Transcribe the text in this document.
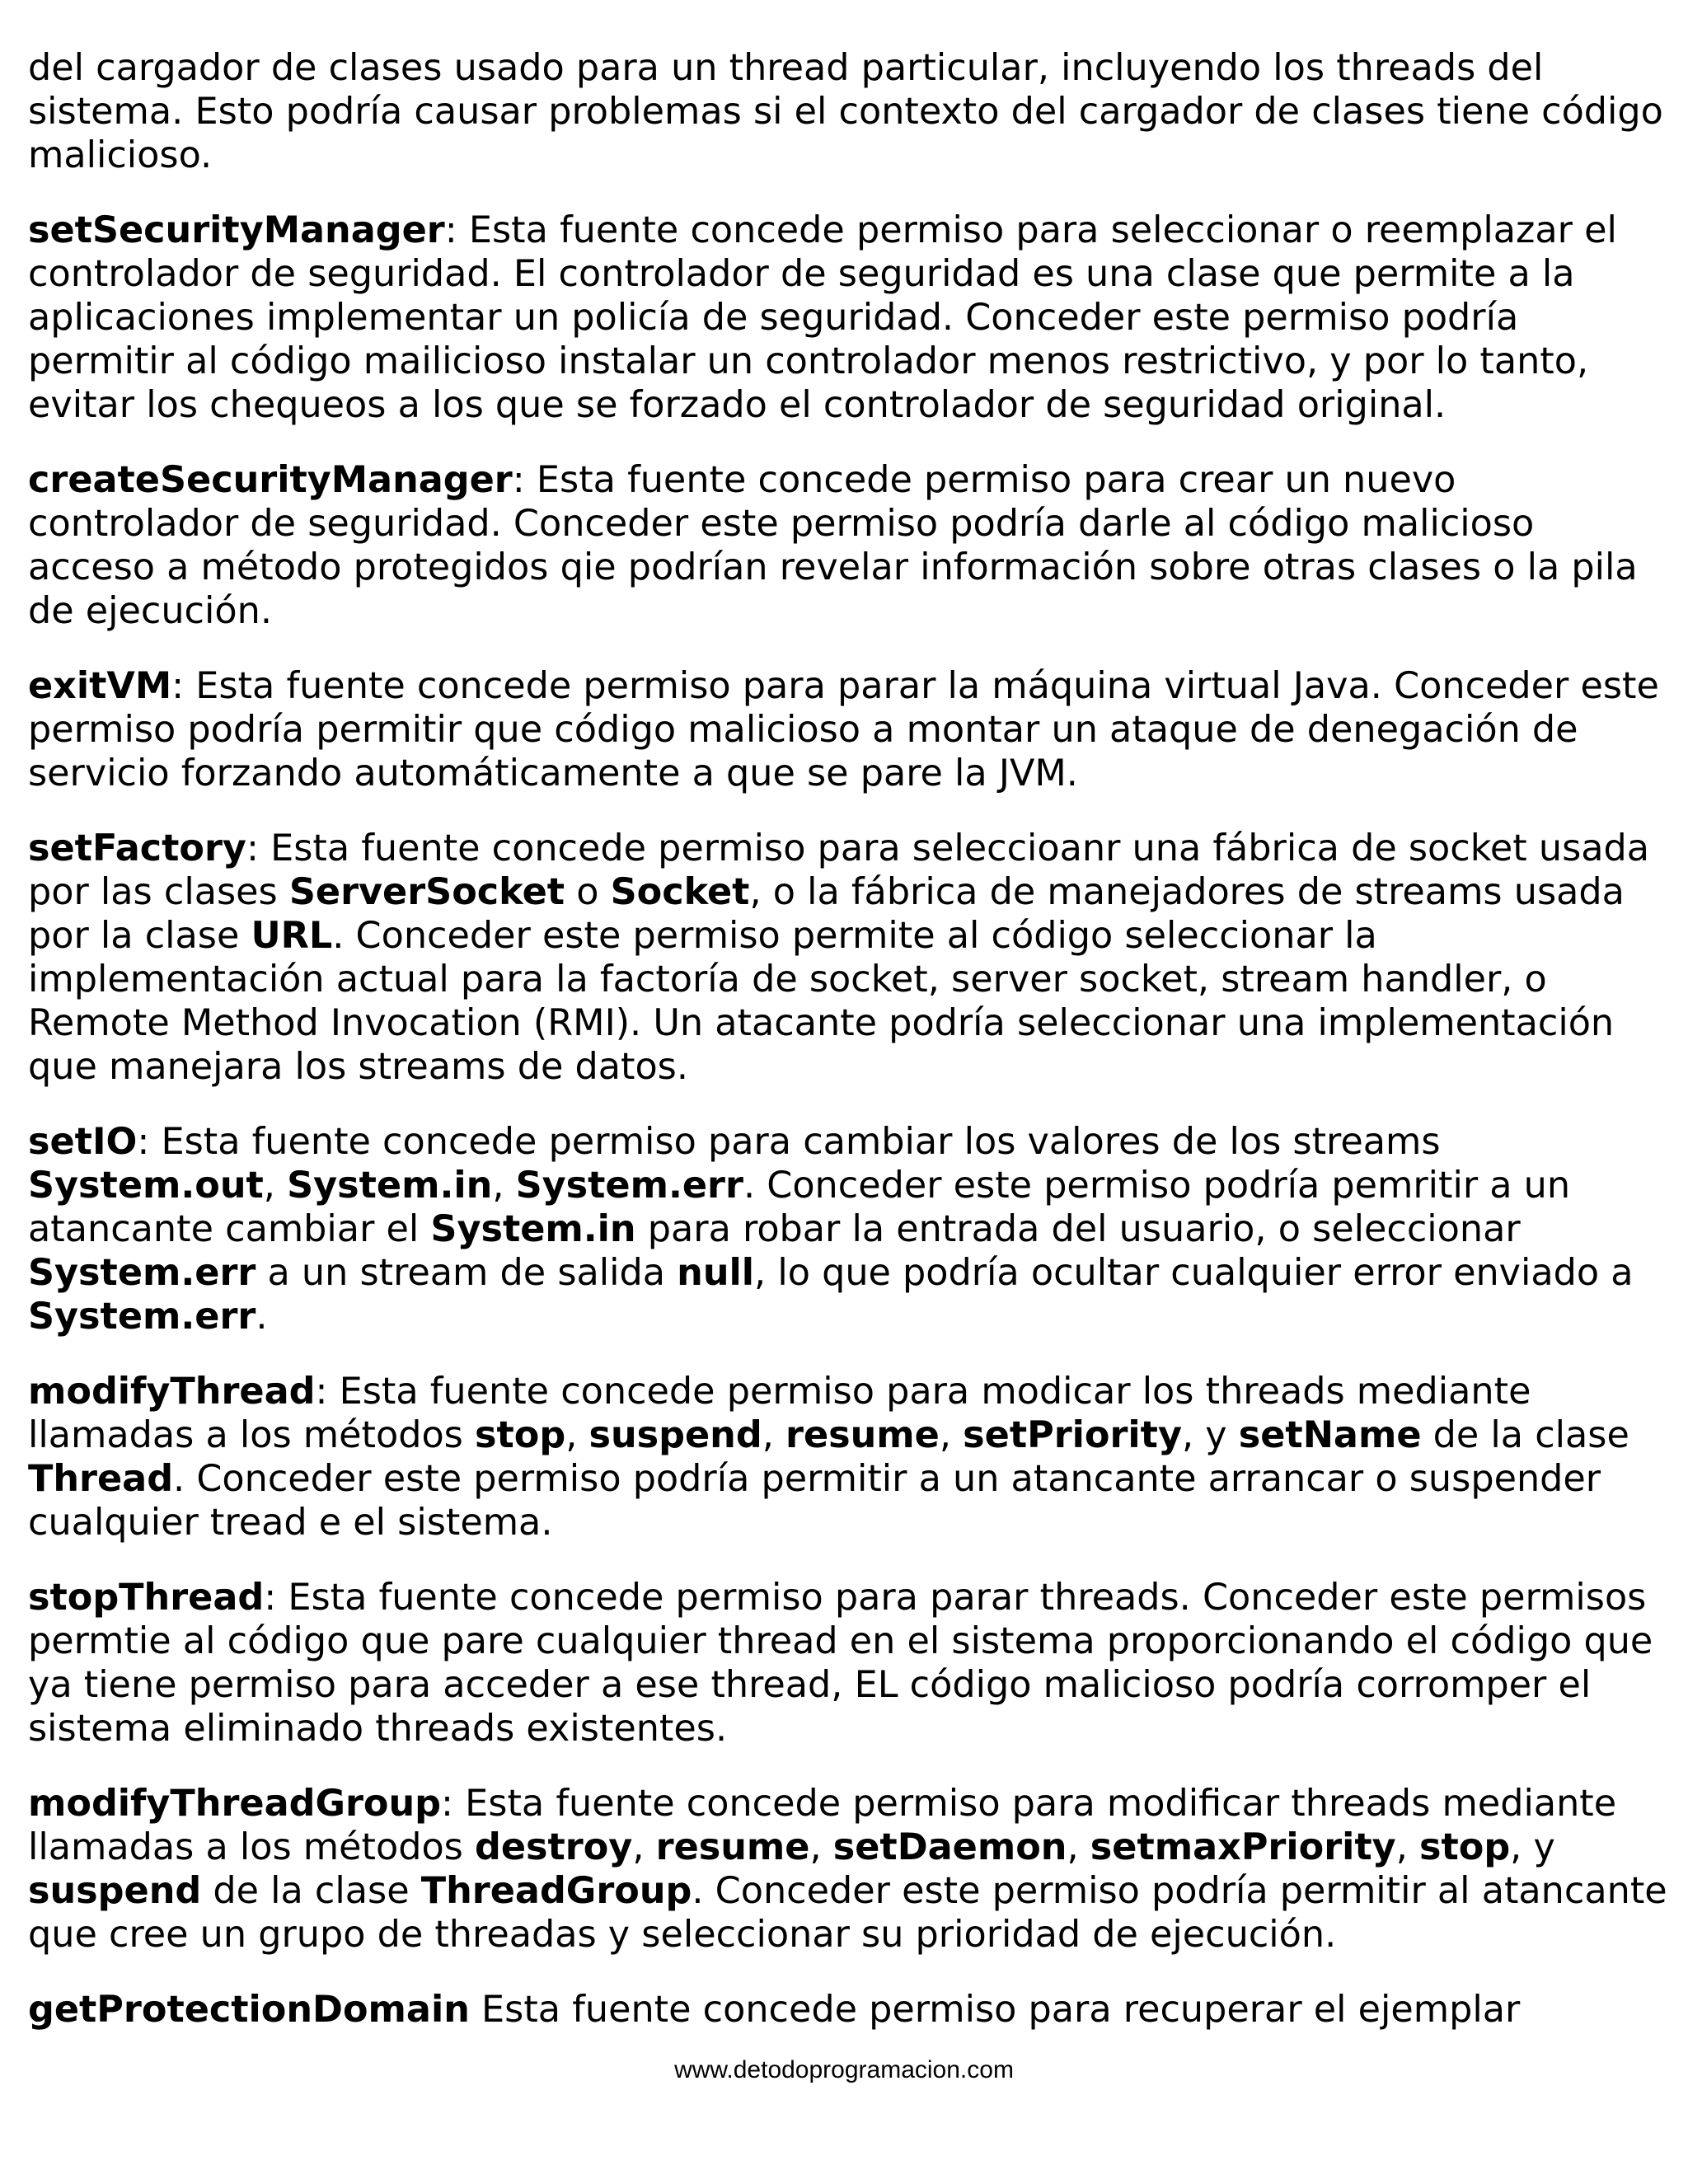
del cargador de clases usado para un thread particular, incluyendo los threads del sistema. Esto podría causar problemas si el contexto del cargador de clases tiene código malicioso.

setSecurityManager: Esta fuente concede permiso para seleccionar o reemplazar el controlador de seguridad. El controlador de seguridad es una clase que permite a la aplicaciones implementar un policía de seguridad. Conceder este permiso podría permitir al código mailicioso instalar un controlador menos restrictivo, y por lo tanto, evitar los chequeos a los que se forzado el controlador de seguridad original.

createSecurityManager: Esta fuente concede permiso para crear un nuevo controlador de seguridad. Conceder este permiso podría darle al código malicioso acceso a método protegidos qie podrían revelar información sobre otras clases o la pila de ejecución.

exitVM: Esta fuente concede permiso para parar la máquina virtual Java. Conceder este permiso podría permitir que código malicioso a montar un ataque de denegación de servicio forzando automáticamente a que se pare la JVM.

setFactory: Esta fuente concede permiso para seleccioanr una fábrica de socket usada por las clases ServerSocket o Socket, o la fábrica de manejadores de streams usada por la clase URL. Conceder este permiso permite al código seleccionar la implementación actual para la factoría de socket, server socket, stream handler, o Remote Method Invocation (RMI). Un atacante podría seleccionar una implementación que manejara los streams de datos.

setIO: Esta fuente concede permiso para cambiar los valores de los streams System.out, System.in, System.err. Conceder este permiso podría pemritir a un atancante cambiar el System.in para robar la entrada del usuario, o seleccionar System.err a un stream de salida null, lo que podría ocultar cualquier error enviado a System.err.

modifyThread: Esta fuente concede permiso para modicar los threads mediante llamadas a los métodos stop, suspend, resume, setPriority, y setName de la clase Thread. Conceder este permiso podría permitir a un atancante arrancar o suspender cualquier tread e el sistema.

stopThread: Esta fuente concede permiso para parar threads. Conceder este permisos permtie al código que pare cualquier thread en el sistema proporcionando el código que ya tiene permiso para acceder a ese thread, EL código malicioso podría corromper el sistema eliminado threads existentes.

modifyThreadGroup: Esta fuente concede permiso para modificar threads mediante llamadas a los métodos destroy, resume, setDaemon, setmaxPriority, stop, y suspend de la clase ThreadGroup. Conceder este permiso podría permitir al atancante que cree un grupo de threadas y seleccionar su prioridad de ejecución.

getProtectionDomain Esta fuente concede permiso para recuperar el ejemplar

www.detodoprogramacion.com
